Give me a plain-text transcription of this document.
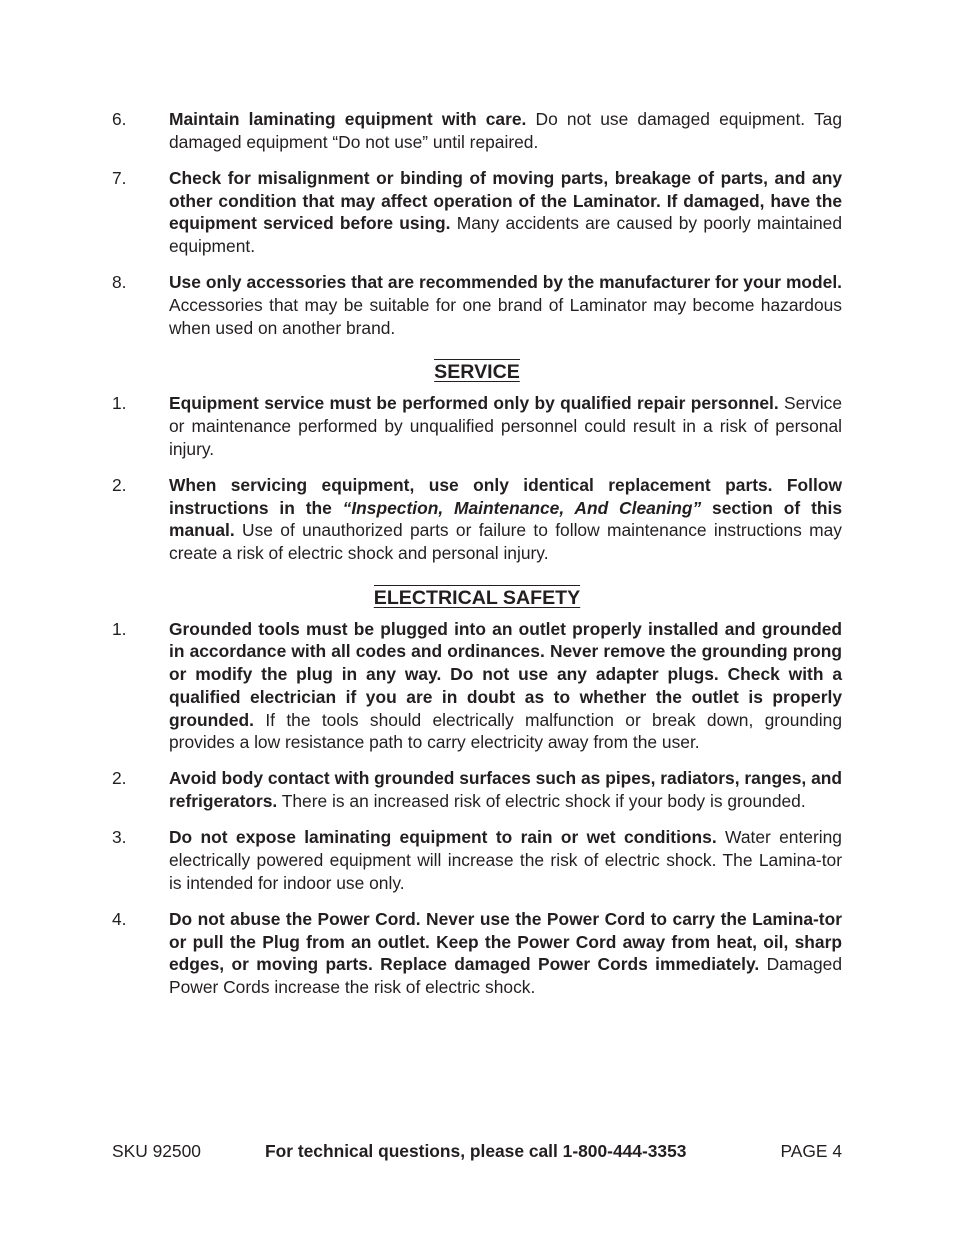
6.	Maintain laminating equipment with care. Do not use damaged equipment. Tag damaged equipment “Do not use” until repaired.
7.	Check for misalignment or binding of moving parts, breakage of parts, and any other condition that may affect operation of the Laminator. If damaged, have the equipment serviced before using. Many accidents are caused by poorly maintained equipment.
8.	Use only accessories that are recommended by the manufacturer for your model. Accessories that may be suitable for one brand of Laminator may become hazardous when used on another brand.
SERVICE
1.	Equipment service must be performed only by qualified repair personnel. Service or maintenance performed by unqualified personnel could result in a risk of personal injury.
2.	When servicing equipment, use only identical replacement parts. Follow instructions in the “Inspection, Maintenance, And Cleaning” section of this manual. Use of unauthorized parts or failure to follow maintenance instructions may create a risk of electric shock and personal injury.
ELECTRICAL SAFETY
1.	Grounded tools must be plugged into an outlet properly installed and grounded in accordance with all codes and ordinances. Never remove the grounding prong or modify the plug in any way. Do not use any adapter plugs. Check with a qualified electrician if you are in doubt as to whether the outlet is properly grounded. If the tools should electrically malfunction or break down, grounding provides a low resistance path to carry electricity away from the user.
2.	Avoid body contact with grounded surfaces such as pipes, radiators, ranges, and refrigerators. There is an increased risk of electric shock if your body is grounded.
3.	Do not expose laminating equipment to rain or wet conditions. Water entering electrically powered equipment will increase the risk of electric shock. The Lamina-tor is intended for indoor use only.
4.	Do not abuse the Power Cord. Never use the Power Cord to carry the Lamina-tor or pull the Plug from an outlet. Keep the Power Cord away from heat, oil, sharp edges, or moving parts. Replace damaged Power Cords immediately. Damaged Power Cords increase the risk of electric shock.
SKU 92500	For technical questions, please call 1-800-444-3353	PAGE 4
